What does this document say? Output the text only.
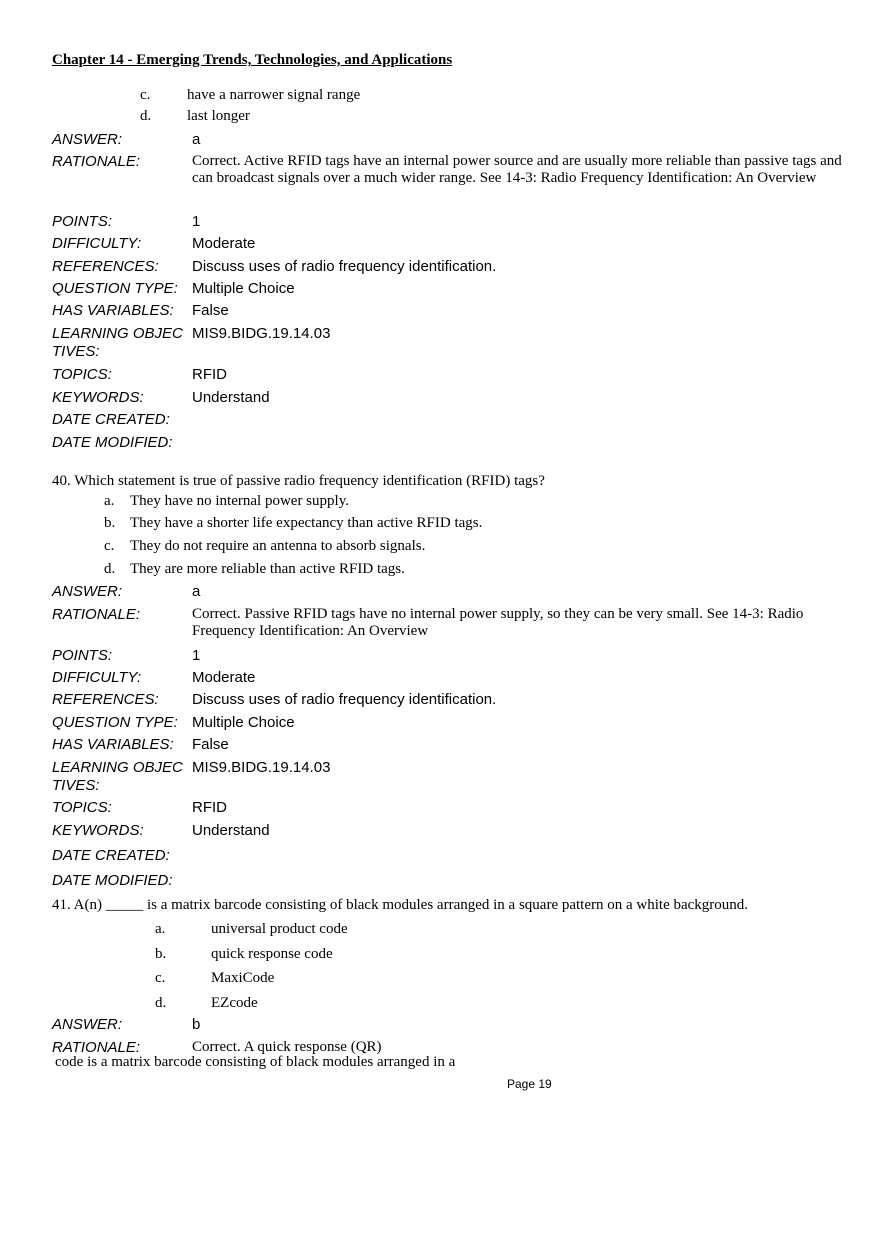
Chapter 14 - Emerging Trends, Technologies, and Applications
c. have a narrower signal range
d. last longer
ANSWER:	a
RATIONALE:	Correct. Active RFID tags have an internal power source and are usually more reliable than passive tags and can broadcast signals over a much wider range. See 14-3: Radio Frequency Identification: An Overview
POINTS:	1
DIFFICULTY:	Moderate
REFERENCES:	Discuss uses of radio frequency identification.
QUESTION TYPE: Multiple Choice
HAS VARIABLES:	False
LEARNING OBJEC
TIVES:
MIS9.BIDG.19.14.03
TOPICS:	RFID
KEYWORDS:	Understand
DATE CREATED:
DATE MODIFIED:
40. Which statement is true of passive radio frequency identification (RFID) tags?
a. They have no internal power supply.
b. They have a shorter life expectancy than active RFID tags.
c. They do not require an antenna to absorb signals.
d. They are more reliable than active RFID tags.
ANSWER:	a
RATIONALE:	Correct. Passive RFID tags have no internal power supply, so they can be very small. See 14-3: Radio Frequency Identification: An Overview
POINTS:	1
DIFFICULTY:	Moderate
REFERENCES:	Discuss uses of radio frequency identification.
QUESTION TYPE: Multiple Choice
HAS VARIABLES:	False
LEARNING OBJEC
TIVES:
MIS9.BIDG.19.14.03
TOPICS:	RFID
KEYWORDS:	Understand
DATE CREATED:
DATE MODIFIED:
41. A(n) _____ is a matrix barcode consisting of black modules arranged in a square pattern on a white background.
a.	universal product code
b.	quick response code
c.	MaxiCode
d.	EZcode
ANSWER:	b
RATIONALE:	Correct. A quick response (QR)
code is a matrix barcode consisting of black modules arranged in a
Page 19
